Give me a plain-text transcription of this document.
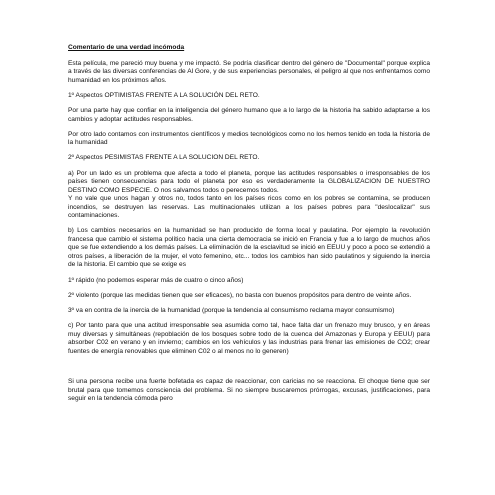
Comentario de una verdad incómoda

Esta película, me pareció muy buena y me impactó. Se podría clasificar dentro del género de "Documental" porque explica a través de las diversas conferencias de Al Gore, y de sus experiencias personales, el peligro al que nos enfrentamos como humanidad en los próximos años.

1º Aspectos OPTIMISTAS FRENTE A LA SOLUCIÓN DEL RETO.

Por una parte hay que confiar en la inteligencia del género humano que a lo largo de la historia ha sabido adaptarse a los cambios y adoptar actitudes responsables.

Por otro lado contamos con instrumentos científicos y medios tecnológicos como no los hemos tenido en toda la historia de la humanidad

2º Aspectos PESIMISTAS FRENTE A LA SOLUCION DEL RETO.

a) Por un lado es un problema que afecta a todo el planeta, porque las actitudes responsables o irresponsables de los países tienen consecuencias para todo el planeta por eso es verdaderamente la GLOBALIZACION DE NUESTRO DESTINO COMO ESPECIE. O nos salvamos todos o perecemos todos.

Y no vale que unos hagan y otros no, todos tanto en los países ricos como en los pobres se contamina, se producen incendios, se destruyen las reservas. Las multinacionales utilizan a los países pobres para "deslocalizar" sus contaminaciones.

b) Los cambios necesarios en la humanidad se han producido de forma local y paulatina. Por ejemplo la revolución francesa que cambio el sistema político hacia una cierta democracia se inició en Francia y fue a lo largo de muchos años que se fue extendiendo a los demás países. La eliminación de la esclavitud se inició en EEUU y poco a poco se extendió a otros países, a liberación de la mujer, el voto femenino, etc... todos los cambios han sido paulatinos y siguiendo la inercia de la historia. El cambio que se exige es

1º rápido (no podemos esperar más de cuatro o cinco años)

2º violento (porque las medidas tienen que ser eficaces), no basta con buenos propósitos para dentro de veinte años.

3º va en contra de la inercia de la humanidad (porque la tendencia al consumismo reclama mayor consumismo)

c) Por tanto para que una actitud irresponsable sea asumida como tal, hace falta dar un frenazo muy brusco, y en áreas muy diversas y simultáneas (repoblación de los bosques sobre todo de la cuenca del Amazonas y Europa y EEUU) para absorber C02 en verano y en invierno; cambios en los vehículos y las industrias para frenar las emisiones de CO2; crear fuentes de energía renovables que eliminen C02 o al menos no lo generen)

Si una persona recibe una fuerte bofetada es capaz de reaccionar, con caricias no se reacciona. El choque tiene que ser brutal para que tomemos consciencia del problema. Si no siempre buscaremos prórrogas, excusas, justificaciones, para seguir en la tendencia cómoda pero
